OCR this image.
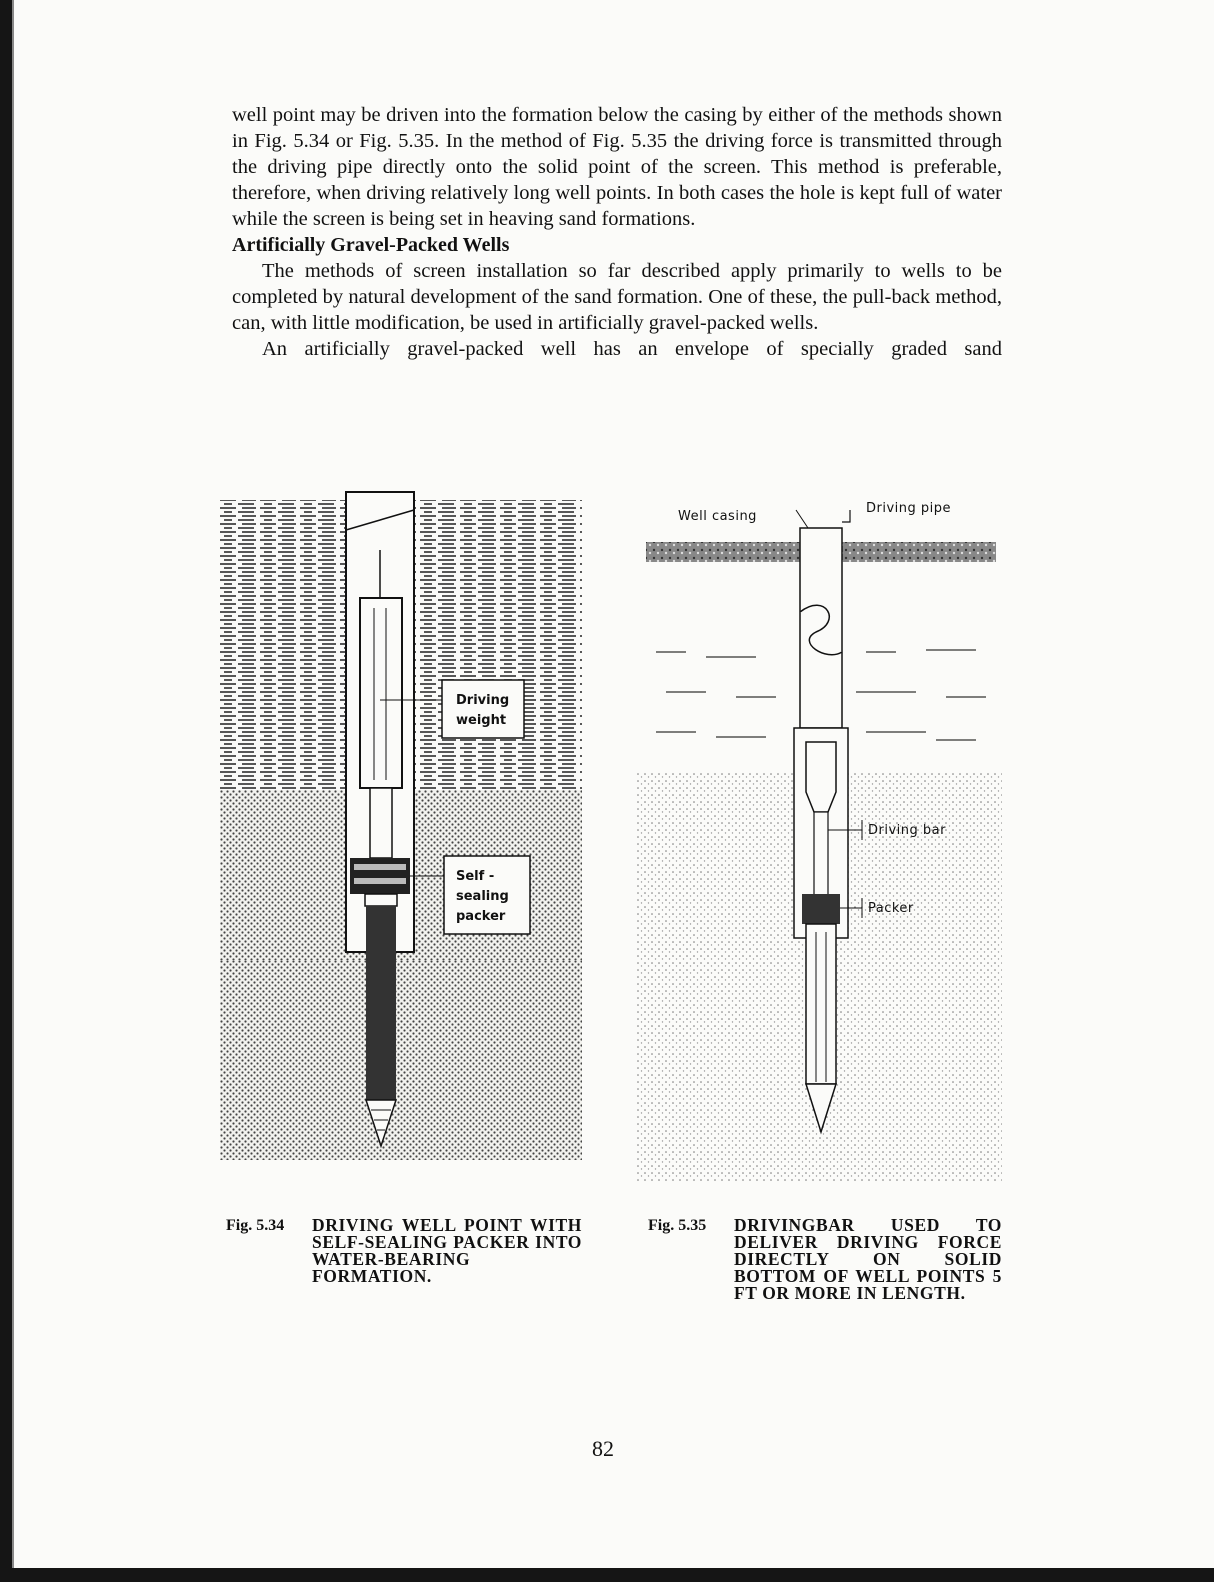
well point may be driven into the formation below the casing by either of the methods shown in Fig. 5.34 or Fig. 5.35. In the method of Fig. 5.35 the driving force is transmitted through the driving pipe directly onto the solid point of the screen. This method is preferable, therefore, when driving relatively long well points. In both cases the hole is kept full of water while the screen is being set in heaving sand formations.

Artificially Gravel-Packed Wells

The methods of screen installation so far described apply primarily to wells to be completed by natural development of the sand formation. One of these, the pull-back method, can, with little modification, be used in artificially gravel-packed wells.

An artificially gravel-packed well has an envelope of specially graded sand

Driving
weight
Self -
sealing
packer
Well casing
Driving pipe
Driving bar
Packer
Fig. 5.34 DRIVING WELL POINT WITH SELF-SEALING PACKER INTO WATER-BEARING FORMATION.
Fig. 5.35 DRIVINGBAR USED TO DELIVER DRIVING FORCE DIRECTLY ON SOLID BOTTOM OF WELL POINTS 5 FT OR MORE IN LENGTH.
82
